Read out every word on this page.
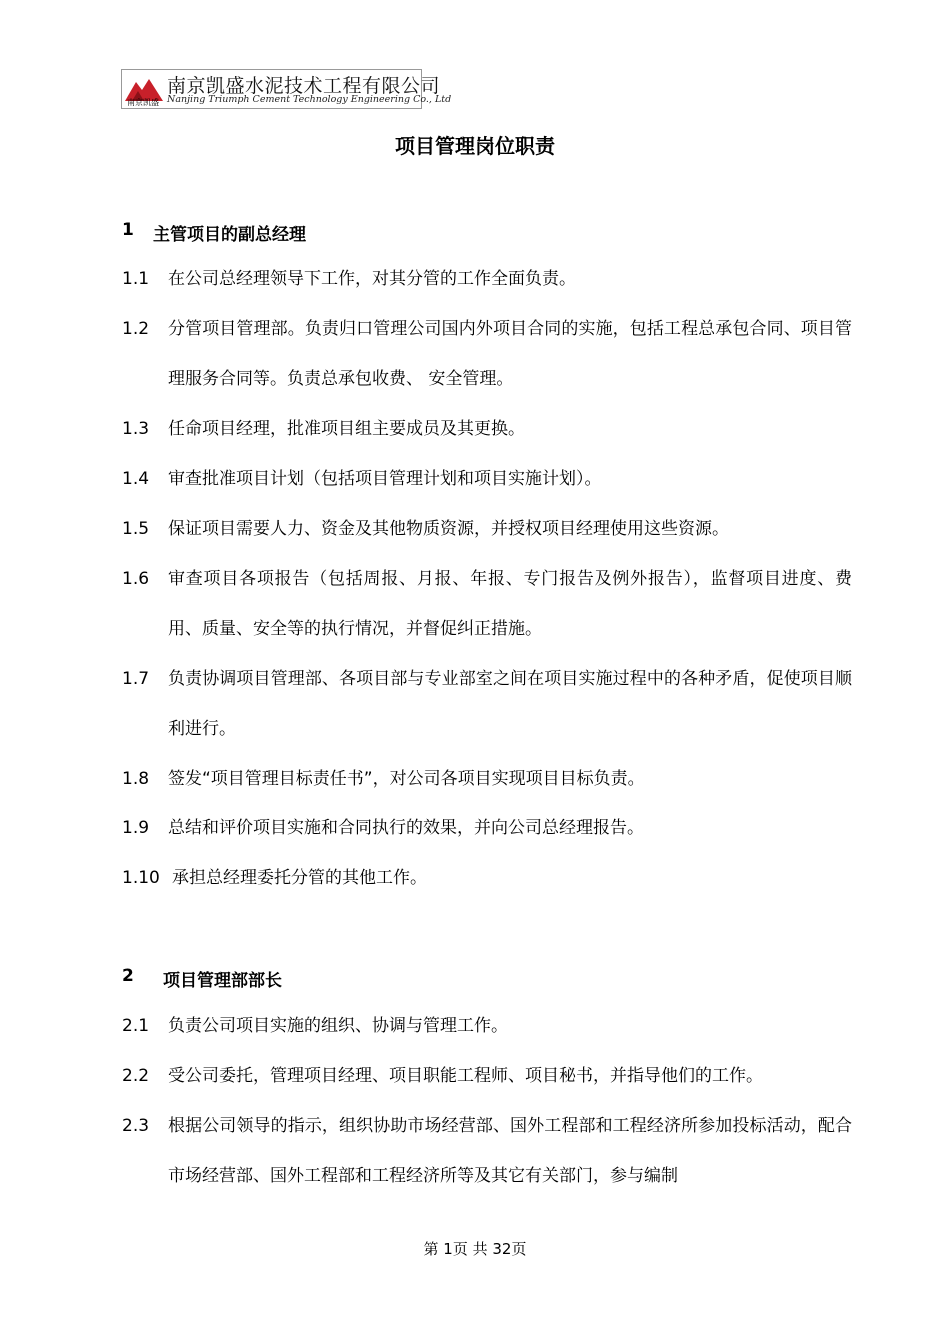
南京凯盛
南京凯盛水泥技术工程有限公司
Nanjing Triumph Cement Technology Engineering Co., Ltd
项目管理岗位职责
1 主管项目的副总经理
1.1	在公司总经理领导下工作，对其分管的工作全面负责。
1.2	分管项目管理部。负责归口管理公司国内外项目合同的实施，包括工程总承包合同、项目管理服务合同等。负责总承包收费、 安全管理。
1.3	任命项目经理，批准项目组主要成员及其更换。
1.4	审查批准项目计划（包括项目管理计划和项目实施计划）。
1.5	保证项目需要人力、资金及其他物质资源，并授权项目经理使用这些资源。
1.6	审查项目各项报告（包括周报、月报、年报、专门报告及例外报告），监督项目进度、费用、质量、安全等的执行情况，并督促纠正措施。
1.7	负责协调项目管理部、各项目部与专业部室之间在项目实施过程中的各种矛盾，促使项目顺利进行。
1.8	签发“项目管理目标责任书”，对公司各项目实现项目目标负责。
1.9	总结和评价项目实施和合同执行的效果，并向公司总经理报告。
1.10 承担总经理委托分管的其他工作。
2 项目管理部部长
2.1	负责公司项目实施的组织、协调与管理工作。
2.2	受公司委托，管理项目经理、项目职能工程师、项目秘书，并指导他们的工作。
2.3	根据公司领导的指示，组织协助市场经营部、国外工程部和工程经济所参加投标活动，配合市场经营部、国外工程部和工程经济所等及其它有关部门，参与编制
第 1页 共 32页
